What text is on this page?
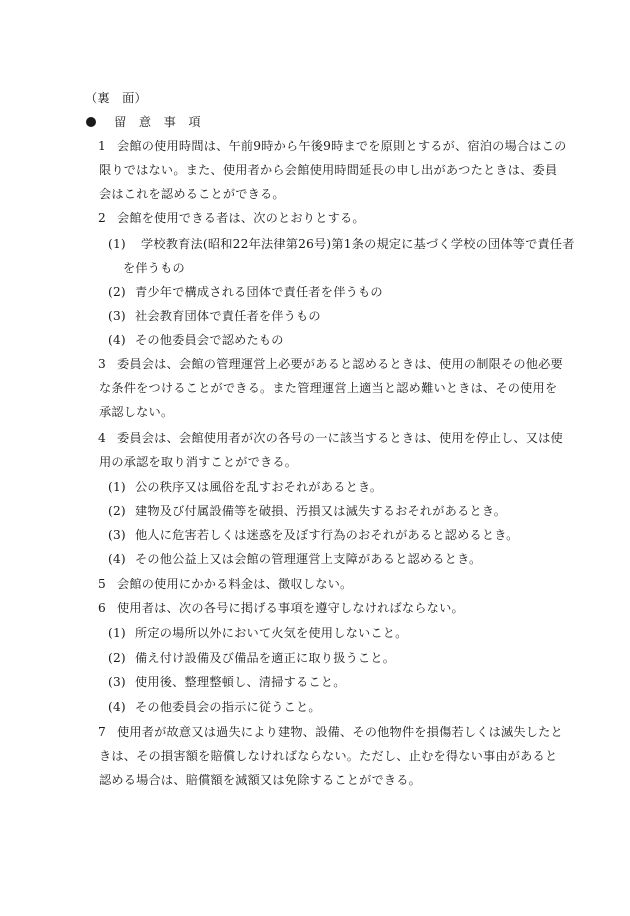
（裏　面）
留　意　事　項
1 会館の使用時間は、午前9時から午後9時までを原則とするが、宿泊の場合はこの
限りではない。また、使用者から会館使用時間延長の申し出があつたときは、委員
会はこれを認めることができる。
2 会館を使用できる者は、次のとおりとする。
(1) 学校教育法(昭和22年法律第26号)第1条の規定に基づく学校の団体等で責任者
を伴うもの
(2) 青少年で構成される団体で責任者を伴うもの
(3) 社会教育団体で責任者を伴うもの
(4) その他委員会で認めたもの
3 委員会は、会館の管理運営上必要があると認めるときは、使用の制限その他必要
な条件をつけることができる。また管理運営上適当と認め難いときは、その使用を
承認しない。
4 委員会は、会館使用者が次の各号の一に該当するときは、使用を停止し、又は使
用の承認を取り消すことができる。
(1) 公の秩序又は風俗を乱すおそれがあるとき。
(2) 建物及び付属設備等を破損、汚損又は滅失するおそれがあるとき。
(3) 他人に危害若しくは迷惑を及ぼす行為のおそれがあると認めるとき。
(4) その他公益上又は会館の管理運営上支障があると認めるとき。
5 会館の使用にかかる料金は、徴収しない。
6 使用者は、次の各号に掲げる事項を遵守しなければならない。
(1) 所定の場所以外において火気を使用しないこと。
(2) 備え付け設備及び備品を適正に取り扱うこと。
(3) 使用後、整理整頓し、清掃すること。
(4) その他委員会の指示に従うこと。
7 使用者が故意又は過失により建物、設備、その他物件を損傷若しくは滅失したと
きは、その損害額を賠償しなければならない。ただし、止むを得ない事由があると
認める場合は、賠償額を減額又は免除することができる。
